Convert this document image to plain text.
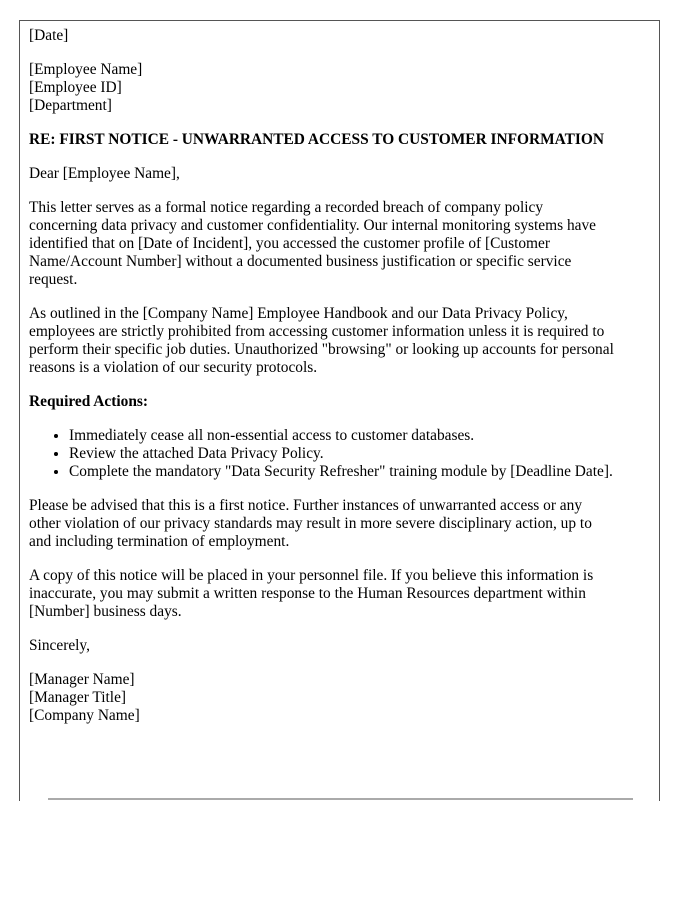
[Date]

[Employee Name]
[Employee ID]
[Department]

RE: FIRST NOTICE - UNWARRANTED ACCESS TO CUSTOMER INFORMATION

Dear [Employee Name],

This letter serves as a formal notice regarding a recorded breach of company policy concerning data privacy and customer confidentiality. Our internal monitoring systems have identified that on [Date of Incident], you accessed the customer profile of [Customer Name/Account Number] without a documented business justification or specific service request.

As outlined in the [Company Name] Employee Handbook and our Data Privacy Policy, employees are strictly prohibited from accessing customer information unless it is required to perform their specific job duties. Unauthorized "browsing" or looking up accounts for personal reasons is a violation of our security protocols.

Required Actions:

• Immediately cease all non-essential access to customer databases.
• Review the attached Data Privacy Policy.
• Complete the mandatory "Data Security Refresher" training module by [Deadline Date].

Please be advised that this is a first notice. Further instances of unwarranted access or any other violation of our privacy standards may result in more severe disciplinary action, up to and including termination of employment.

A copy of this notice will be placed in your personnel file. If you believe this information is inaccurate, you may submit a written response to the Human Resources department within [Number] business days.

Sincerely,

[Manager Name]
[Manager Title]
[Company Name]
